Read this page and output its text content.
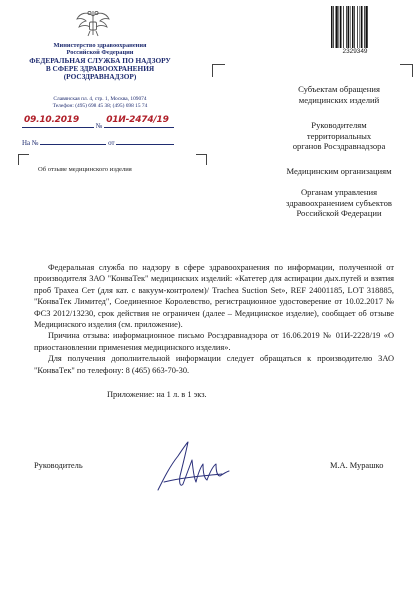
Министерство здравоохранения
Российской Федерации
ФЕДЕРАЛЬНАЯ СЛУЖБА ПО НАДЗОРУ
В СФЕРЕ ЗДРАВООХРАНЕНИЯ
(РОСЗДРАВНАДЗОР)
Славянская пл. 4, стр. 1, Москва, 109074
Телефон: (495) 698 45 38; (495) 698 15 74
09.10.2019
№
01И-2474/19
На №	от
Об отзыве медицинского изделия
2329349
Субъектам обращения
медицинских изделий
Руководителям
территориальных
органов Росздравнадзора
Медицинским организациям
Органам управления
здравоохранением субъектов
Российской Федерации

Федеральная служба по надзору в сфере здравоохранения по информации, полученной от производителя ЗАО "КонваТек" медицинских изделий: «Катетер для аспирации дых.путей и взятия проб Трахеа Сет (для кат. с вакуум-контролем)/ Trachea Suction Set», REF 24001185, LOT 318885, "КонваТек Лимитед", Соединенное Королевство, регистрационное удостоверение от 10.02.2017 № ФСЗ 2012/13230, срок действия не ограничен (далее – Медицинское изделие), сообщает об отзыве Медицинского изделия (см. приложение).

Причина отзыва: информационное письмо Росздравнадзора от 16.06.2019 № 01И-2228/19 «О приостановлении применения медицинского изделия».

Для получения дополнительной информации следует обращаться к производителю ЗАО "КонваТек" по телефону: 8 (465) 663-70-30.

Приложение: на 1 л. в 1 экз.
Руководитель	М.А. Мурашко
